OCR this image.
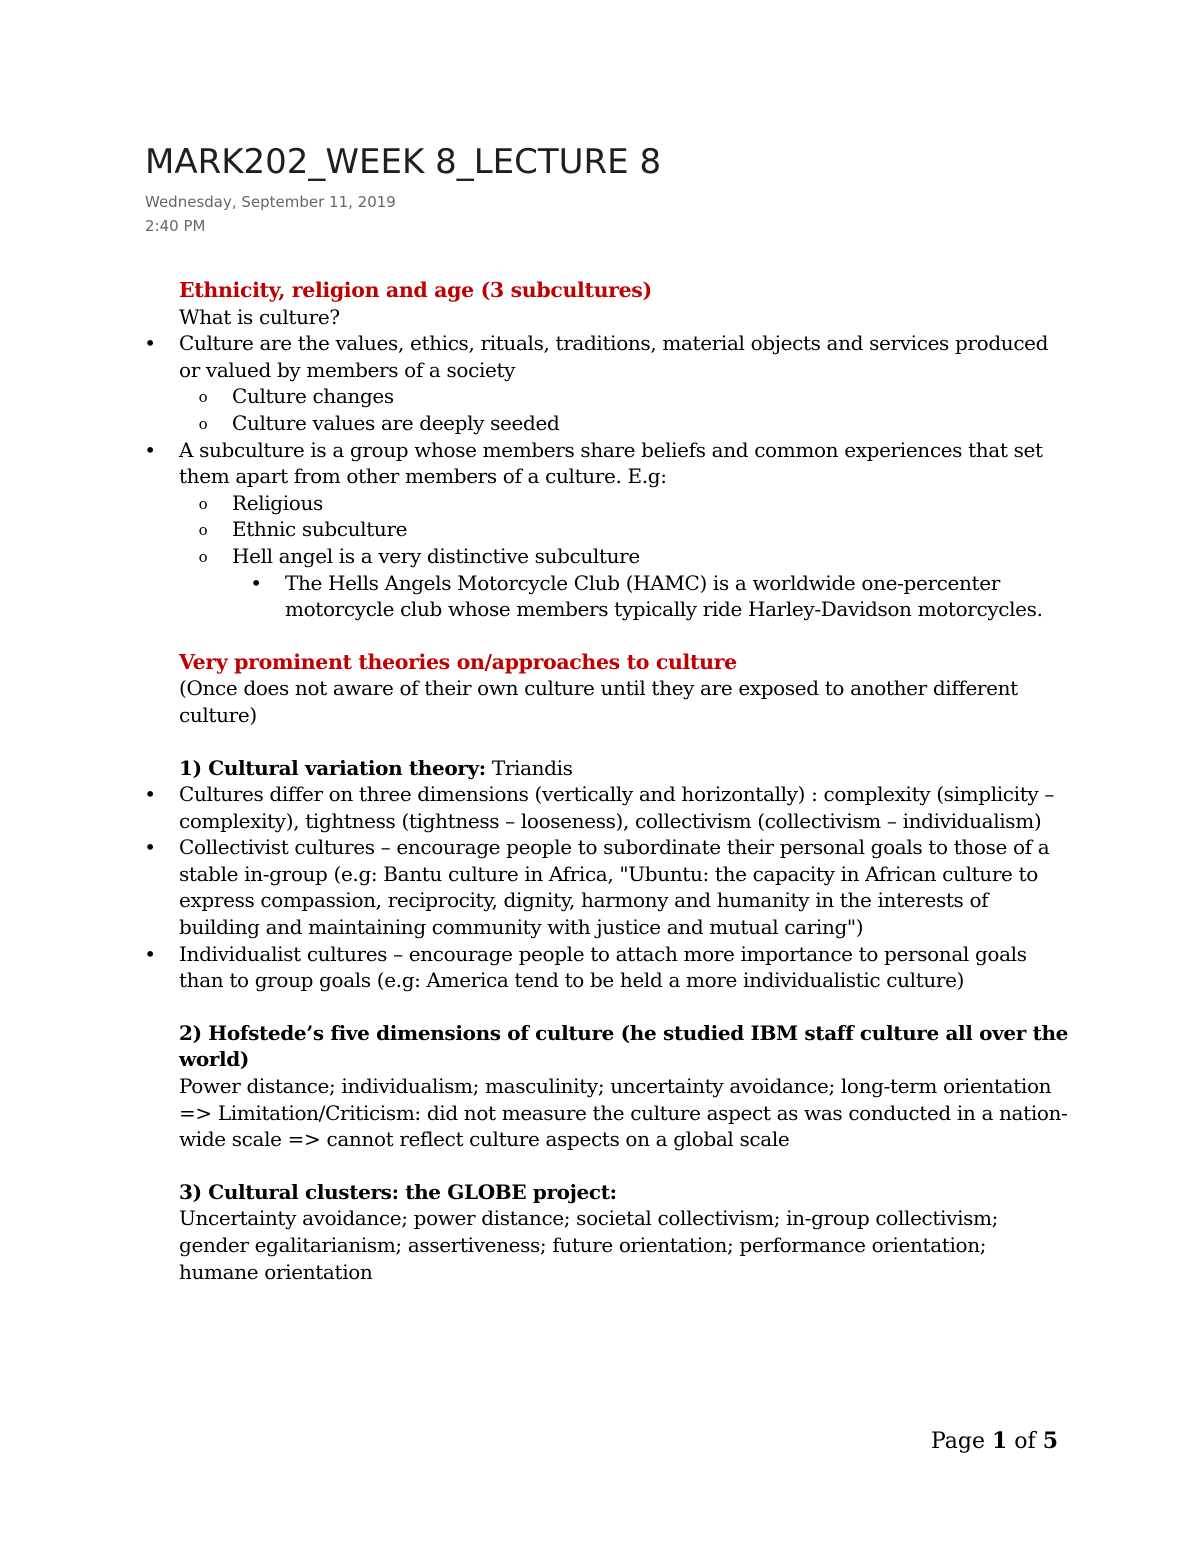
MARK202_WEEK 8_LECTURE 8
Wednesday, September 11, 2019
2:40 PM

Ethnicity, religion and age (3 subcultures)

What is culture?

• Culture are the values, ethics, rituals, traditions, material objects and services produced or valued by members of a society
o Culture changes
o Culture values are deeply seeded
• A subculture is a group whose members share beliefs and common experiences that set them apart from other members of a culture. E.g:
o Religious
o Ethnic subculture
o Hell angel is a very distinctive subculture
• The Hells Angels Motorcycle Club (HAMC) is a worldwide one-percenter motorcycle club whose members typically ride Harley-Davidson motorcycles.

Very prominent theories on/approaches to culture

(Once does not aware of their own culture until they are exposed to another different culture)

1) Cultural variation theory: Triandis

• Cultures differ on three dimensions (vertically and horizontally) : complexity (simplicity – complexity), tightness (tightness – looseness), collectivism (collectivism – individualism)
• Collectivist cultures – encourage people to subordinate their personal goals to those of a stable in-group (e.g: Bantu culture in Africa, "Ubuntu: the capacity in African culture to express compassion, reciprocity, dignity, harmony and humanity in the interests of building and maintaining community with justice and mutual caring")
• Individualist cultures – encourage people to attach more importance to personal goals than to group goals (e.g: America tend to be held a more individualistic culture)

2) Hofstede’s five dimensions of culture (he studied IBM staff culture all over the world)

Power distance; individualism; masculinity; uncertainty avoidance; long-term orientation

=> Limitation/Criticism: did not measure the culture aspect as was conducted in a nation-wide scale => cannot reflect culture aspects on a global scale

3) Cultural clusters: the GLOBE project:

Uncertainty avoidance; power distance; societal collectivism; in-group collectivism; gender egalitarianism; assertiveness; future orientation; performance orientation; humane orientation

Page 1 of 5
